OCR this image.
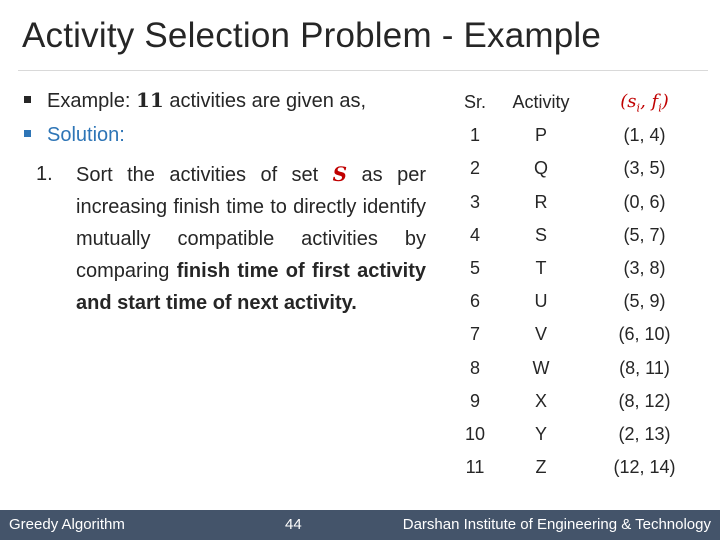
Activity Selection Problem - Example
Example: 11 activities are given as,
Solution:
1. Sort the activities of set S as per increasing finish time to directly identify mutually compatible activities by comparing finish time of first activity and start time of next activity.
Sr.	Activity	($s_i$, $f_i$)
1	P	(1, 4)
2	Q	(3, 5)
3	R	(0, 6)
4	S	(5, 7)
5	T	(3, 8)
6	U	(5, 9)
7	V	(6, 10)
8	W	(8, 11)
9	X	(8, 12)
10	Y	(2, 13)
11	Z	(12, 14)
Greedy Algorithm	44	Darshan Institute of Engineering & Technology
